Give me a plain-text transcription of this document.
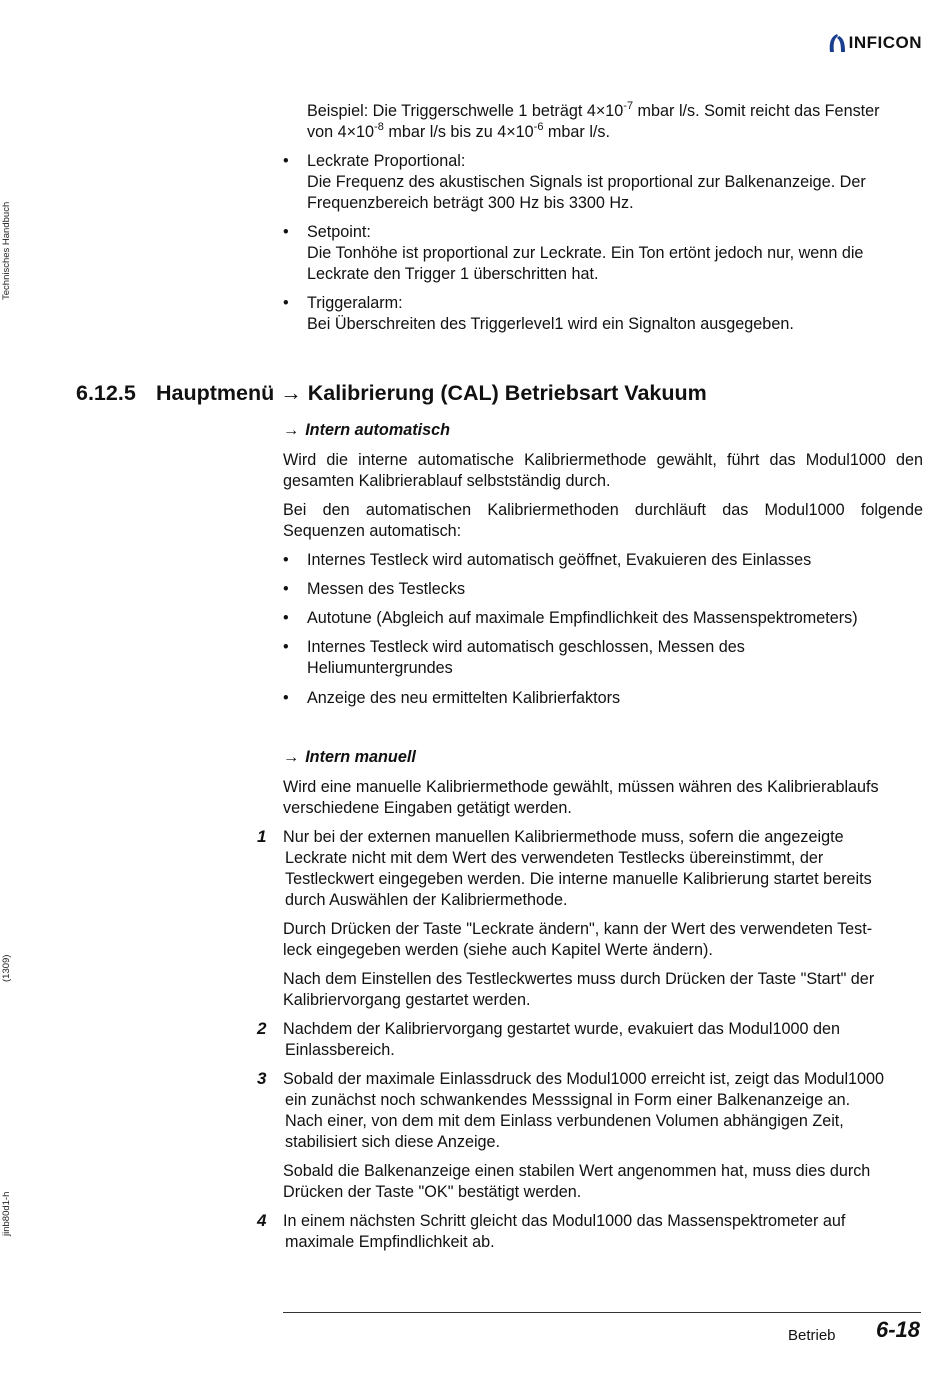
INFICON
Technisches Handbuch
(1309)
jinb80d1-h
Beispiel: Die Triggerschwelle 1 beträgt $4\times 10^{-7}$ mbar l/s. Somit reicht das Fenster
von $4\times 10^{-8}$ mbar l/s bis zu $4\times 10^{-6}$ mbar l/s.
• Leckrate Proportional:
Die Frequenz des akustischen Signals ist proportional zur Balkenanzeige. Der
Frequenzbereich beträgt 300 Hz bis 3300 Hz.
• Setpoint:
Die Tonhöhe ist proportional zur Leckrate. Ein Ton ertönt jedoch nur, wenn die
Leckrate den Trigger 1 überschritten hat.
• Triggeralarm:
Bei Überschreiten des Triggerlevel1 wird ein Signalton ausgegeben.
6.12.5 Hauptmenü → Kalibrierung (CAL) Betriebsart Vakuum
→ Intern automatisch
Wird die interne automatische Kalibriermethode gewählt, führt das Modul1000 den
gesamten Kalibrierablauf selbstständig durch.
Bei den automatischen Kalibriermethoden durchläuft das Modul1000 folgende
Sequenzen automatisch:
• Internes Testleck wird automatisch geöffnet, Evakuieren des Einlasses
• Messen des Testlecks
• Autotune (Abgleich auf maximale Empfindlichkeit des Massenspektrometers)
• Internes Testleck wird automatisch geschlossen, Messen des
Heliumuntergrundes
• Anzeige des neu ermittelten Kalibrierfaktors
→ Intern manuell
Wird eine manuelle Kalibriermethode gewählt, müssen währen des Kalibrierablaufs
verschiedene Eingaben getätigt werden.
1 Nur bei der externen manuellen Kalibriermethode muss, sofern die angezeigte
Leckrate nicht mit dem Wert des verwendeten Testlecks übereinstimmt, der
Testleckwert eingegeben werden. Die interne manuelle Kalibrierung startet bereits
durch Auswählen der Kalibriermethode.
Durch Drücken der Taste "Leckrate ändern", kann der Wert des verwendeten Test-
leck eingegeben werden (siehe auch Kapitel Werte ändern).
Nach dem Einstellen des Testleckwertes muss durch Drücken der Taste "Start" der
Kalibriervorgang gestartet werden.
2 Nachdem der Kalibriervorgang gestartet wurde, evakuiert das Modul1000 den
Einlassbereich.
3 Sobald der maximale Einlassdruck des Modul1000 erreicht ist, zeigt das Modul1000
ein zunächst noch schwankendes Messsignal in Form einer Balkenanzeige an.
Nach einer, von dem mit dem Einlass verbundenen Volumen abhängigen Zeit,
stabilisiert sich diese Anzeige.
Sobald die Balkenanzeige einen stabilen Wert angenommen hat, muss dies durch
Drücken der Taste "OK" bestätigt werden.
4 In einem nächsten Schritt gleicht das Modul1000 das Massenspektrometer auf
maximale Empfindlichkeit ab.
Betrieb 6-18
